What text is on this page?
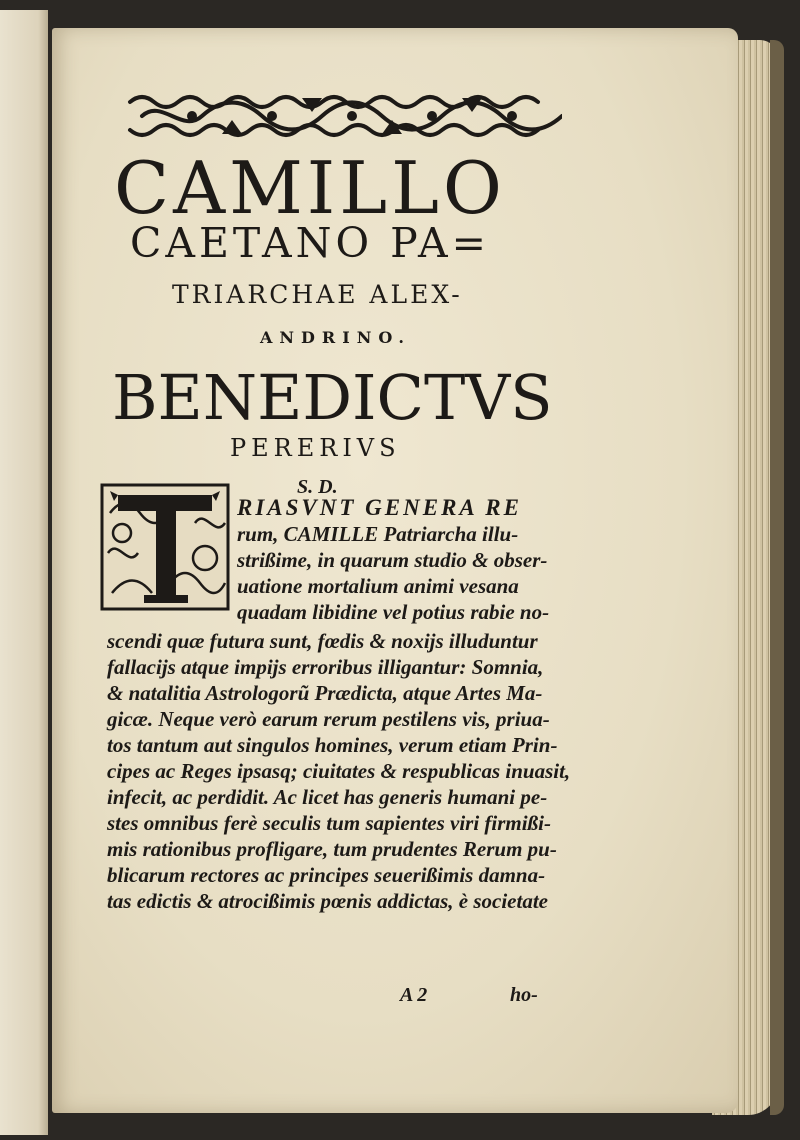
CAMILLO
CAETANO PA=
TRIARCHAE ALEX-
ANDRINO.
BENEDICTVS
PERERIVS
S. D.
RIASVNT GENERA RE
rum, CAMILLE Patriarcha illu-
strißime, in quarum studio & obser-
uatione mortalium animi vesana
quadam libidine vel potius rabie no-
scendi quæ futura sunt, fœdis & noxijs illuduntur
fallacijs atque impijs erroribus illigantur: Somnia,
& natalitia Astrologorũ Prædicta, atque Artes Ma-
gicæ. Neque verò earum rerum pestilens vis, priua-
tos tantum aut singulos homines, verum etiam Prin-
cipes ac Reges ipsasq; ciuitates & respublicas inuasit,
infecit, ac perdidit. Ac licet has generis humani pe-
stes omnibus ferè seculis tum sapientes viri firmißi-
mis rationibus profligare, tum prudentes Rerum pu-
blicarum rectores ac principes seuerißimis damna-
tas edictis & atrocißimis pœnis addictas, è societate
A 2	ho-
